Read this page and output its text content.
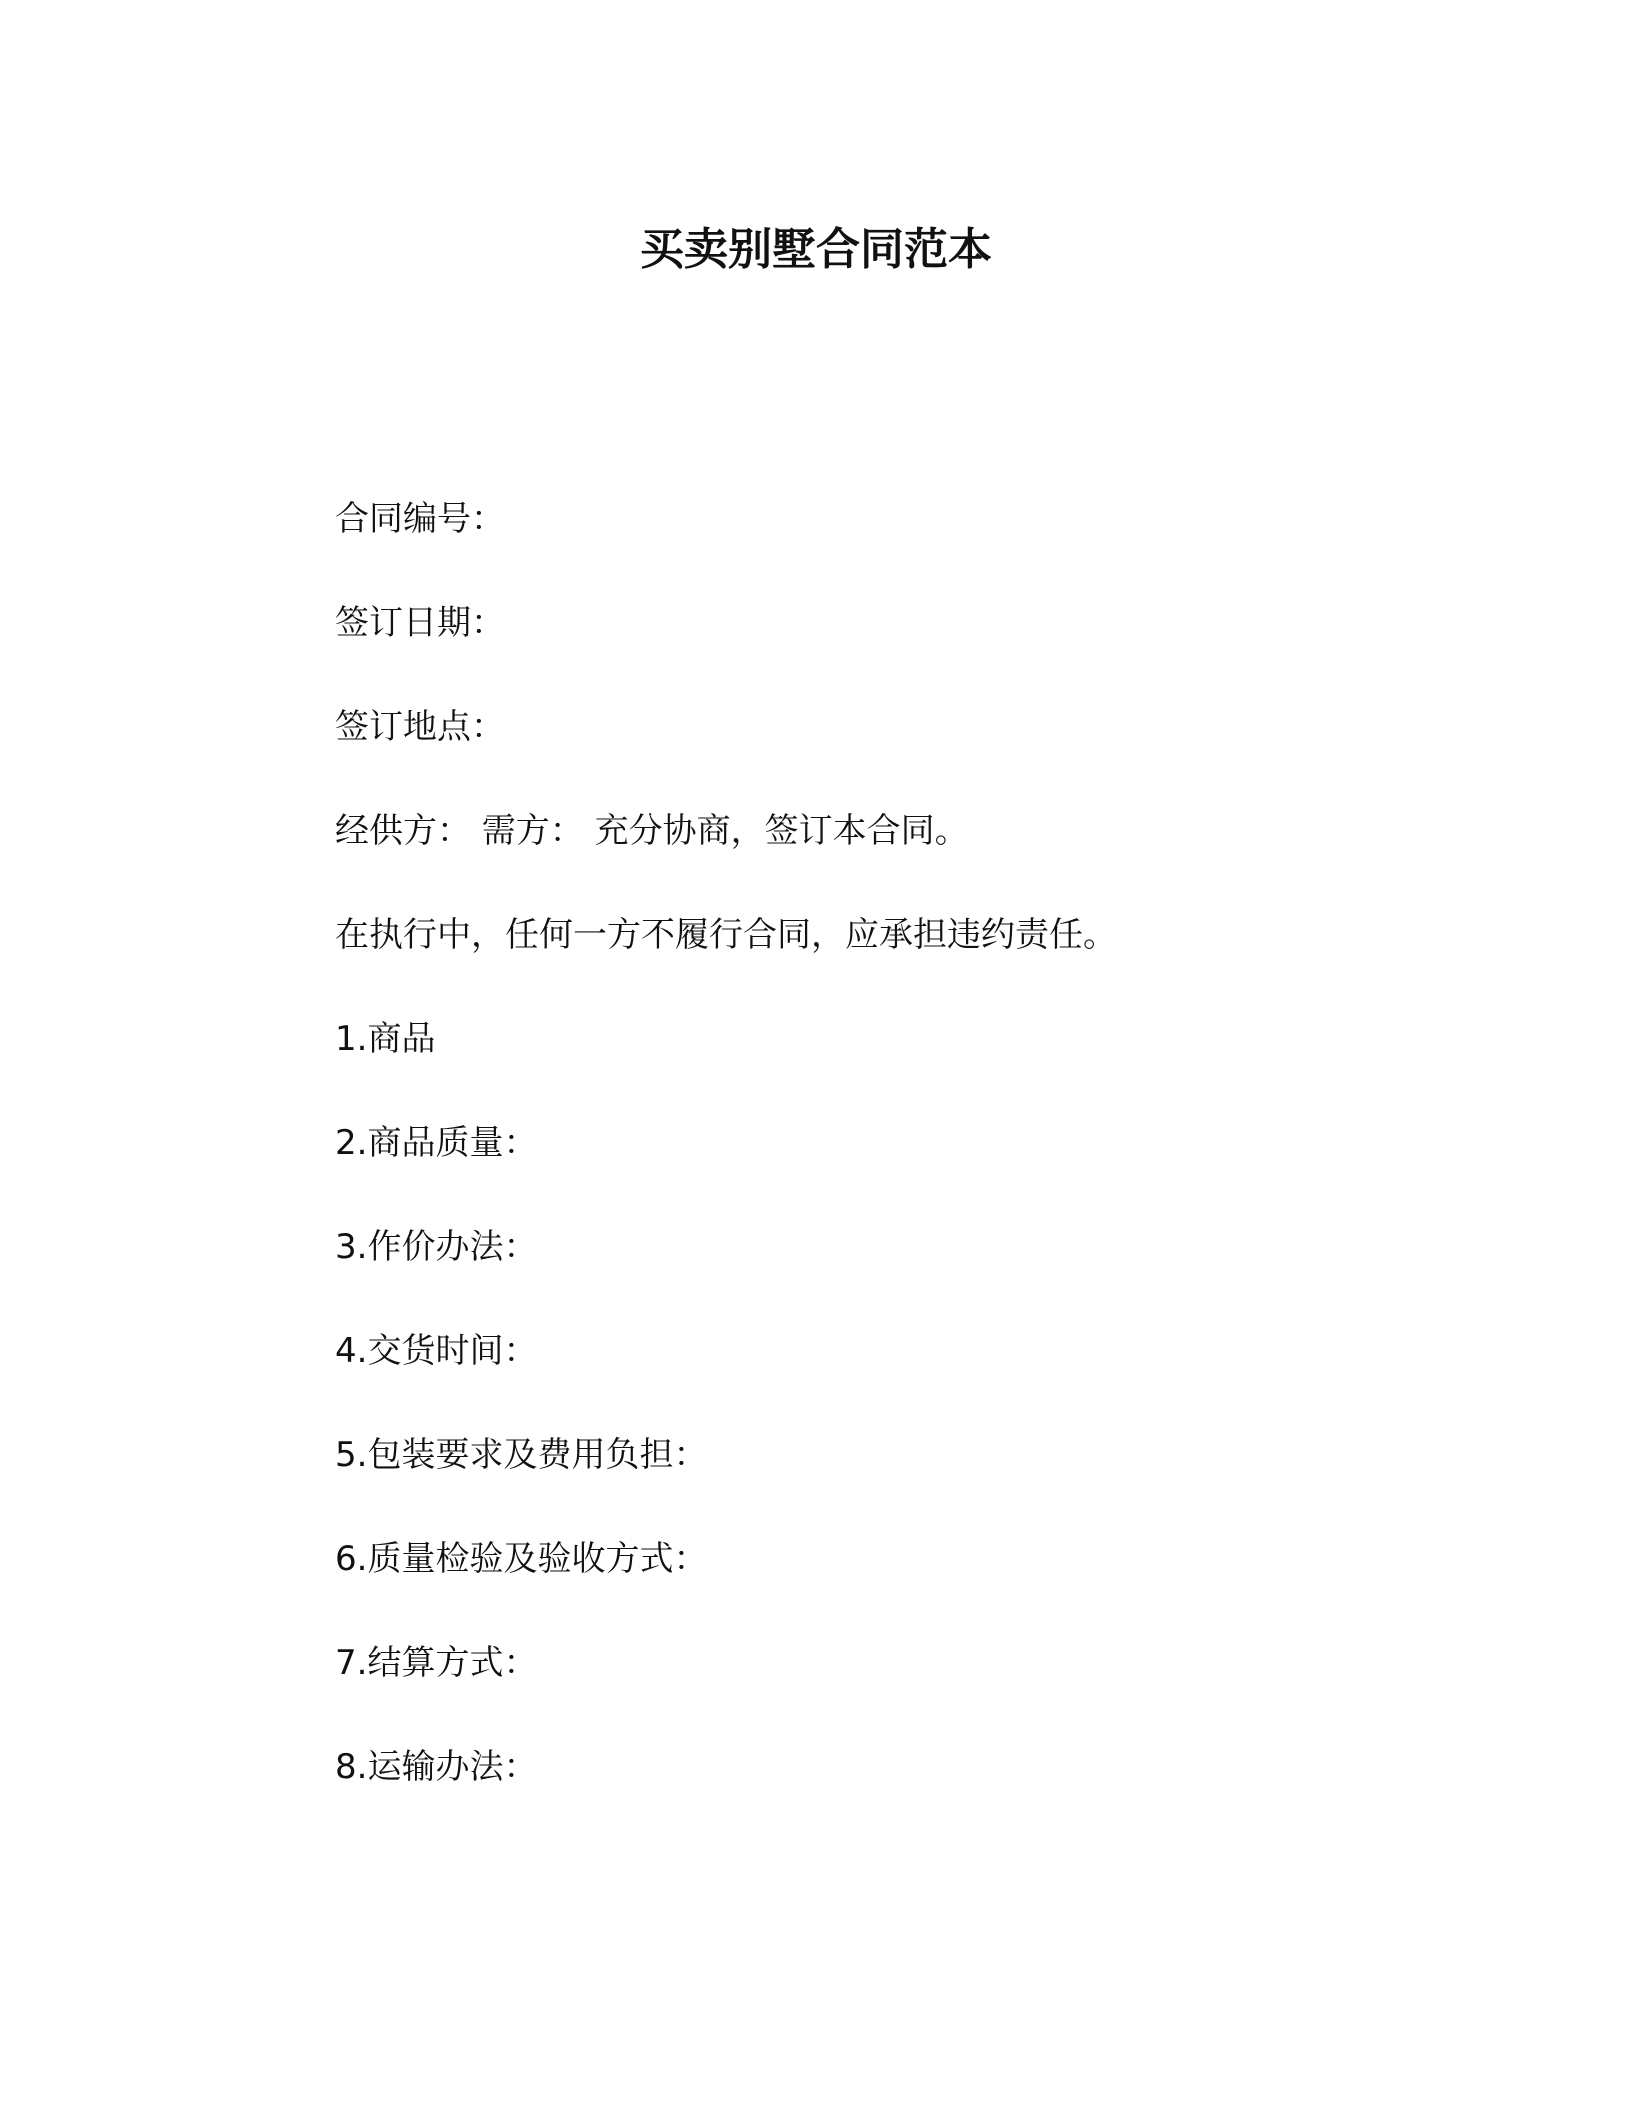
买卖别墅合同范本
合同编号：
签订日期：
签订地点：
经供方： 需方： 充分协商，签订本合同。
在执行中，任何一方不履行合同，应承担违约责任。
1.商品
2.商品质量：
3.作价办法：
4.交货时间：
5.包装要求及费用负担：
6.质量检验及验收方式：
7.结算方式：
8.运输办法：
